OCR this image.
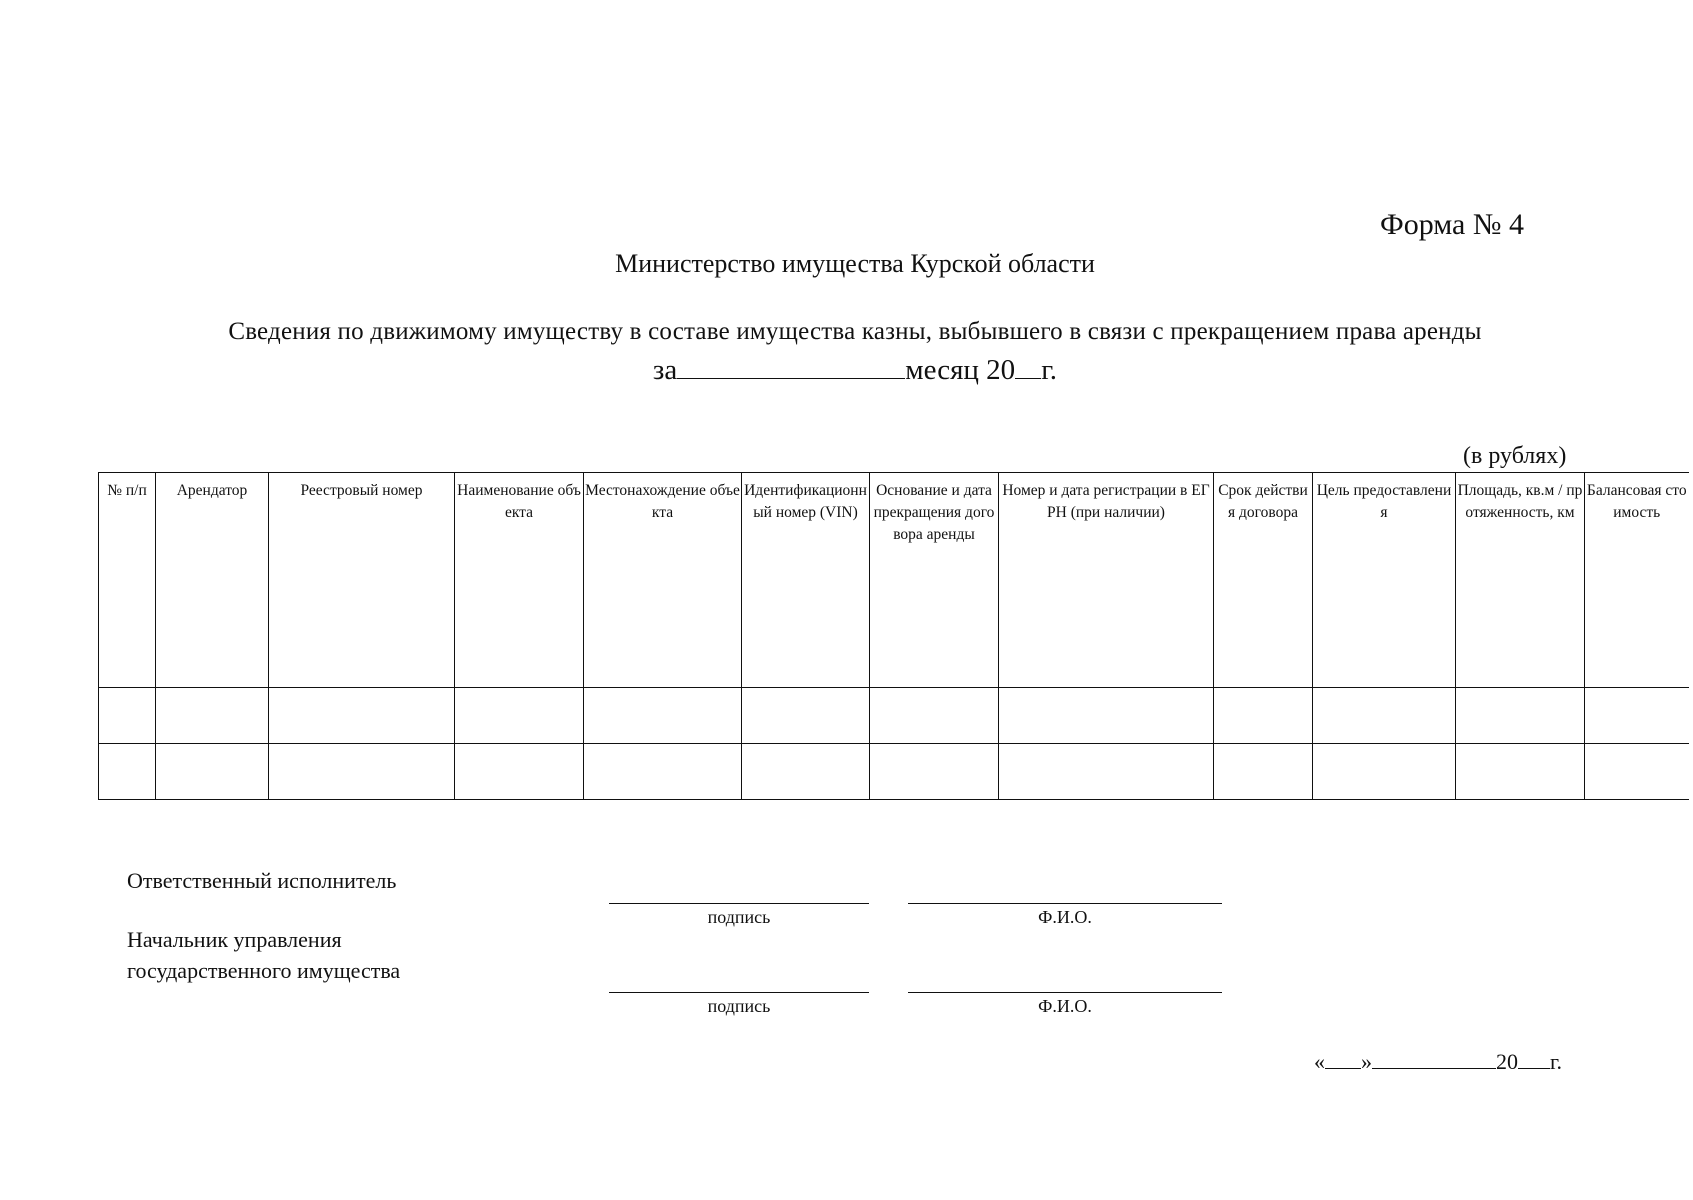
Форма № 4
Министерство имущества Курской области
Сведения по движимому имуществу в составе имущества казны, выбывшего в связи с прекращением права аренды
за	месяц 20 г.
(в рублях)
№ п/п	Арендатор	Реестровый номер	Наименование объекта	Местонахождение объекта	Идентификационный номер (VIN)	Основание и дата прекращения договора аренды	Номер и дата регистрации в ЕГРН (при наличии)	Срок действия договора	Цель предоставления	Площадь, кв.м / протяженность, км	Балансовая стоимость

Ответственный исполнитель
подпись	Ф.И.О.
Начальник управления
государственного имущества
подпись	Ф.И.О.
« »	20 г.
